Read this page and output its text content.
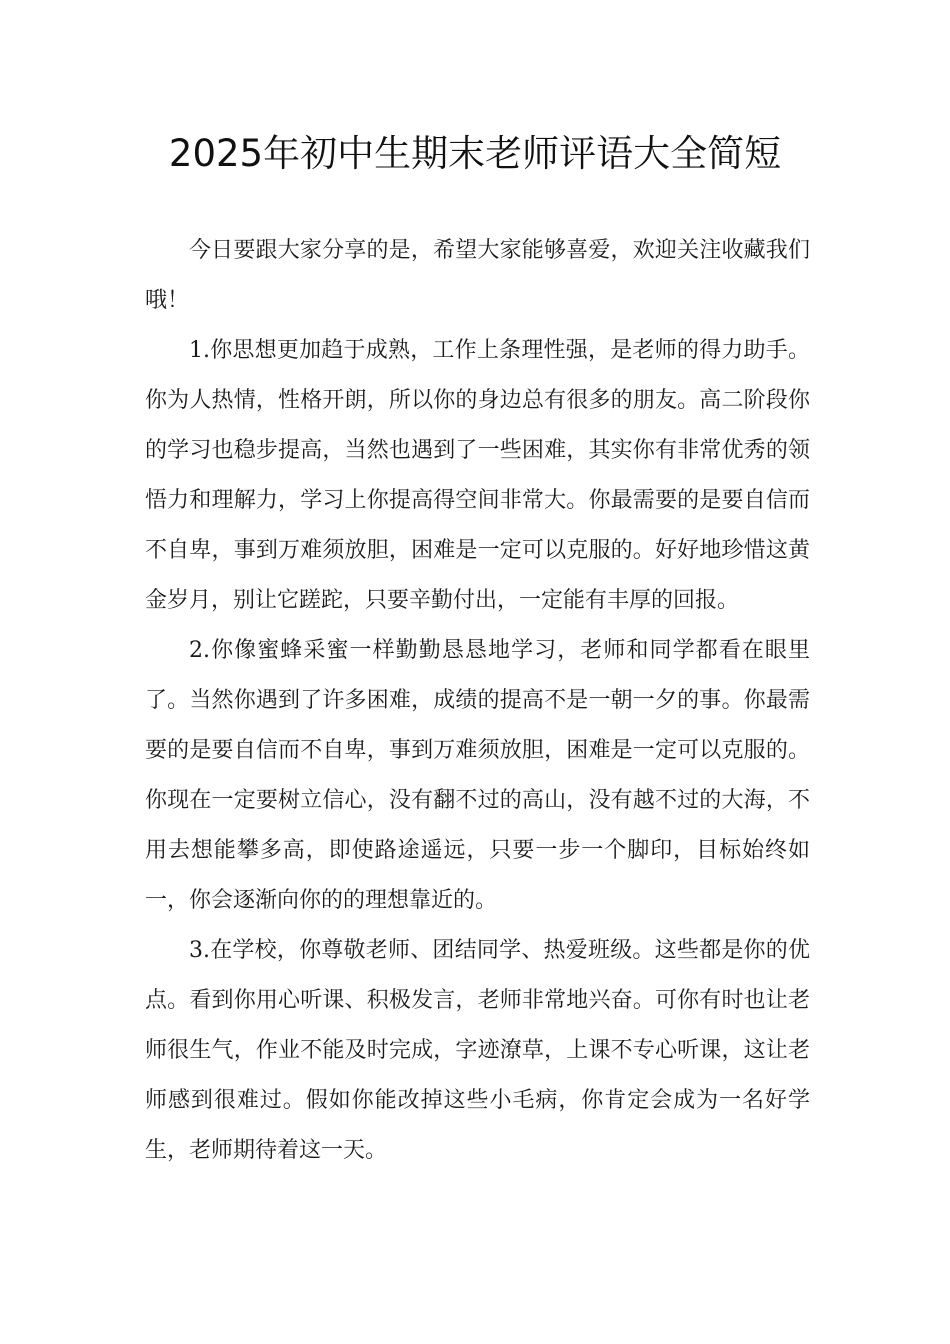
2025年初中生期末老师评语大全简短

今日要跟大家分享的是，希望大家能够喜爱，欢迎关注收藏我们哦！

1.你思想更加趋于成熟，工作上条理性强，是老师的得力助手。你为人热情，性格开朗，所以你的身边总有很多的朋友。高二阶段你的学习也稳步提高，当然也遇到了一些困难，其实你有非常优秀的领悟力和理解力，学习上你提高得空间非常大。你最需要的是要自信而不自卑，事到万难须放胆，困难是一定可以克服的。好好地珍惜这黄金岁月，别让它蹉跎，只要辛勤付出，一定能有丰厚的回报。

2.你像蜜蜂采蜜一样勤勤恳恳地学习，老师和同学都看在眼里了。当然你遇到了许多困难，成绩的提高不是一朝一夕的事。你最需要的是要自信而不自卑，事到万难须放胆，困难是一定可以克服的。你现在一定要树立信心，没有翻不过的高山，没有越不过的大海，不用去想能攀多高，即使路途遥远，只要一步一个脚印，目标始终如一，你会逐渐向你的的理想靠近的。

3.在学校，你尊敬老师、团结同学、热爱班级。这些都是你的优点。看到你用心听课、积极发言，老师非常地兴奋。可你有时也让老师很生气，作业不能及时完成，字迹潦草，上课不专心听课，这让老师感到很难过。假如你能改掉这些小毛病，你肯定会成为一名好学生，老师期待着这一天。
